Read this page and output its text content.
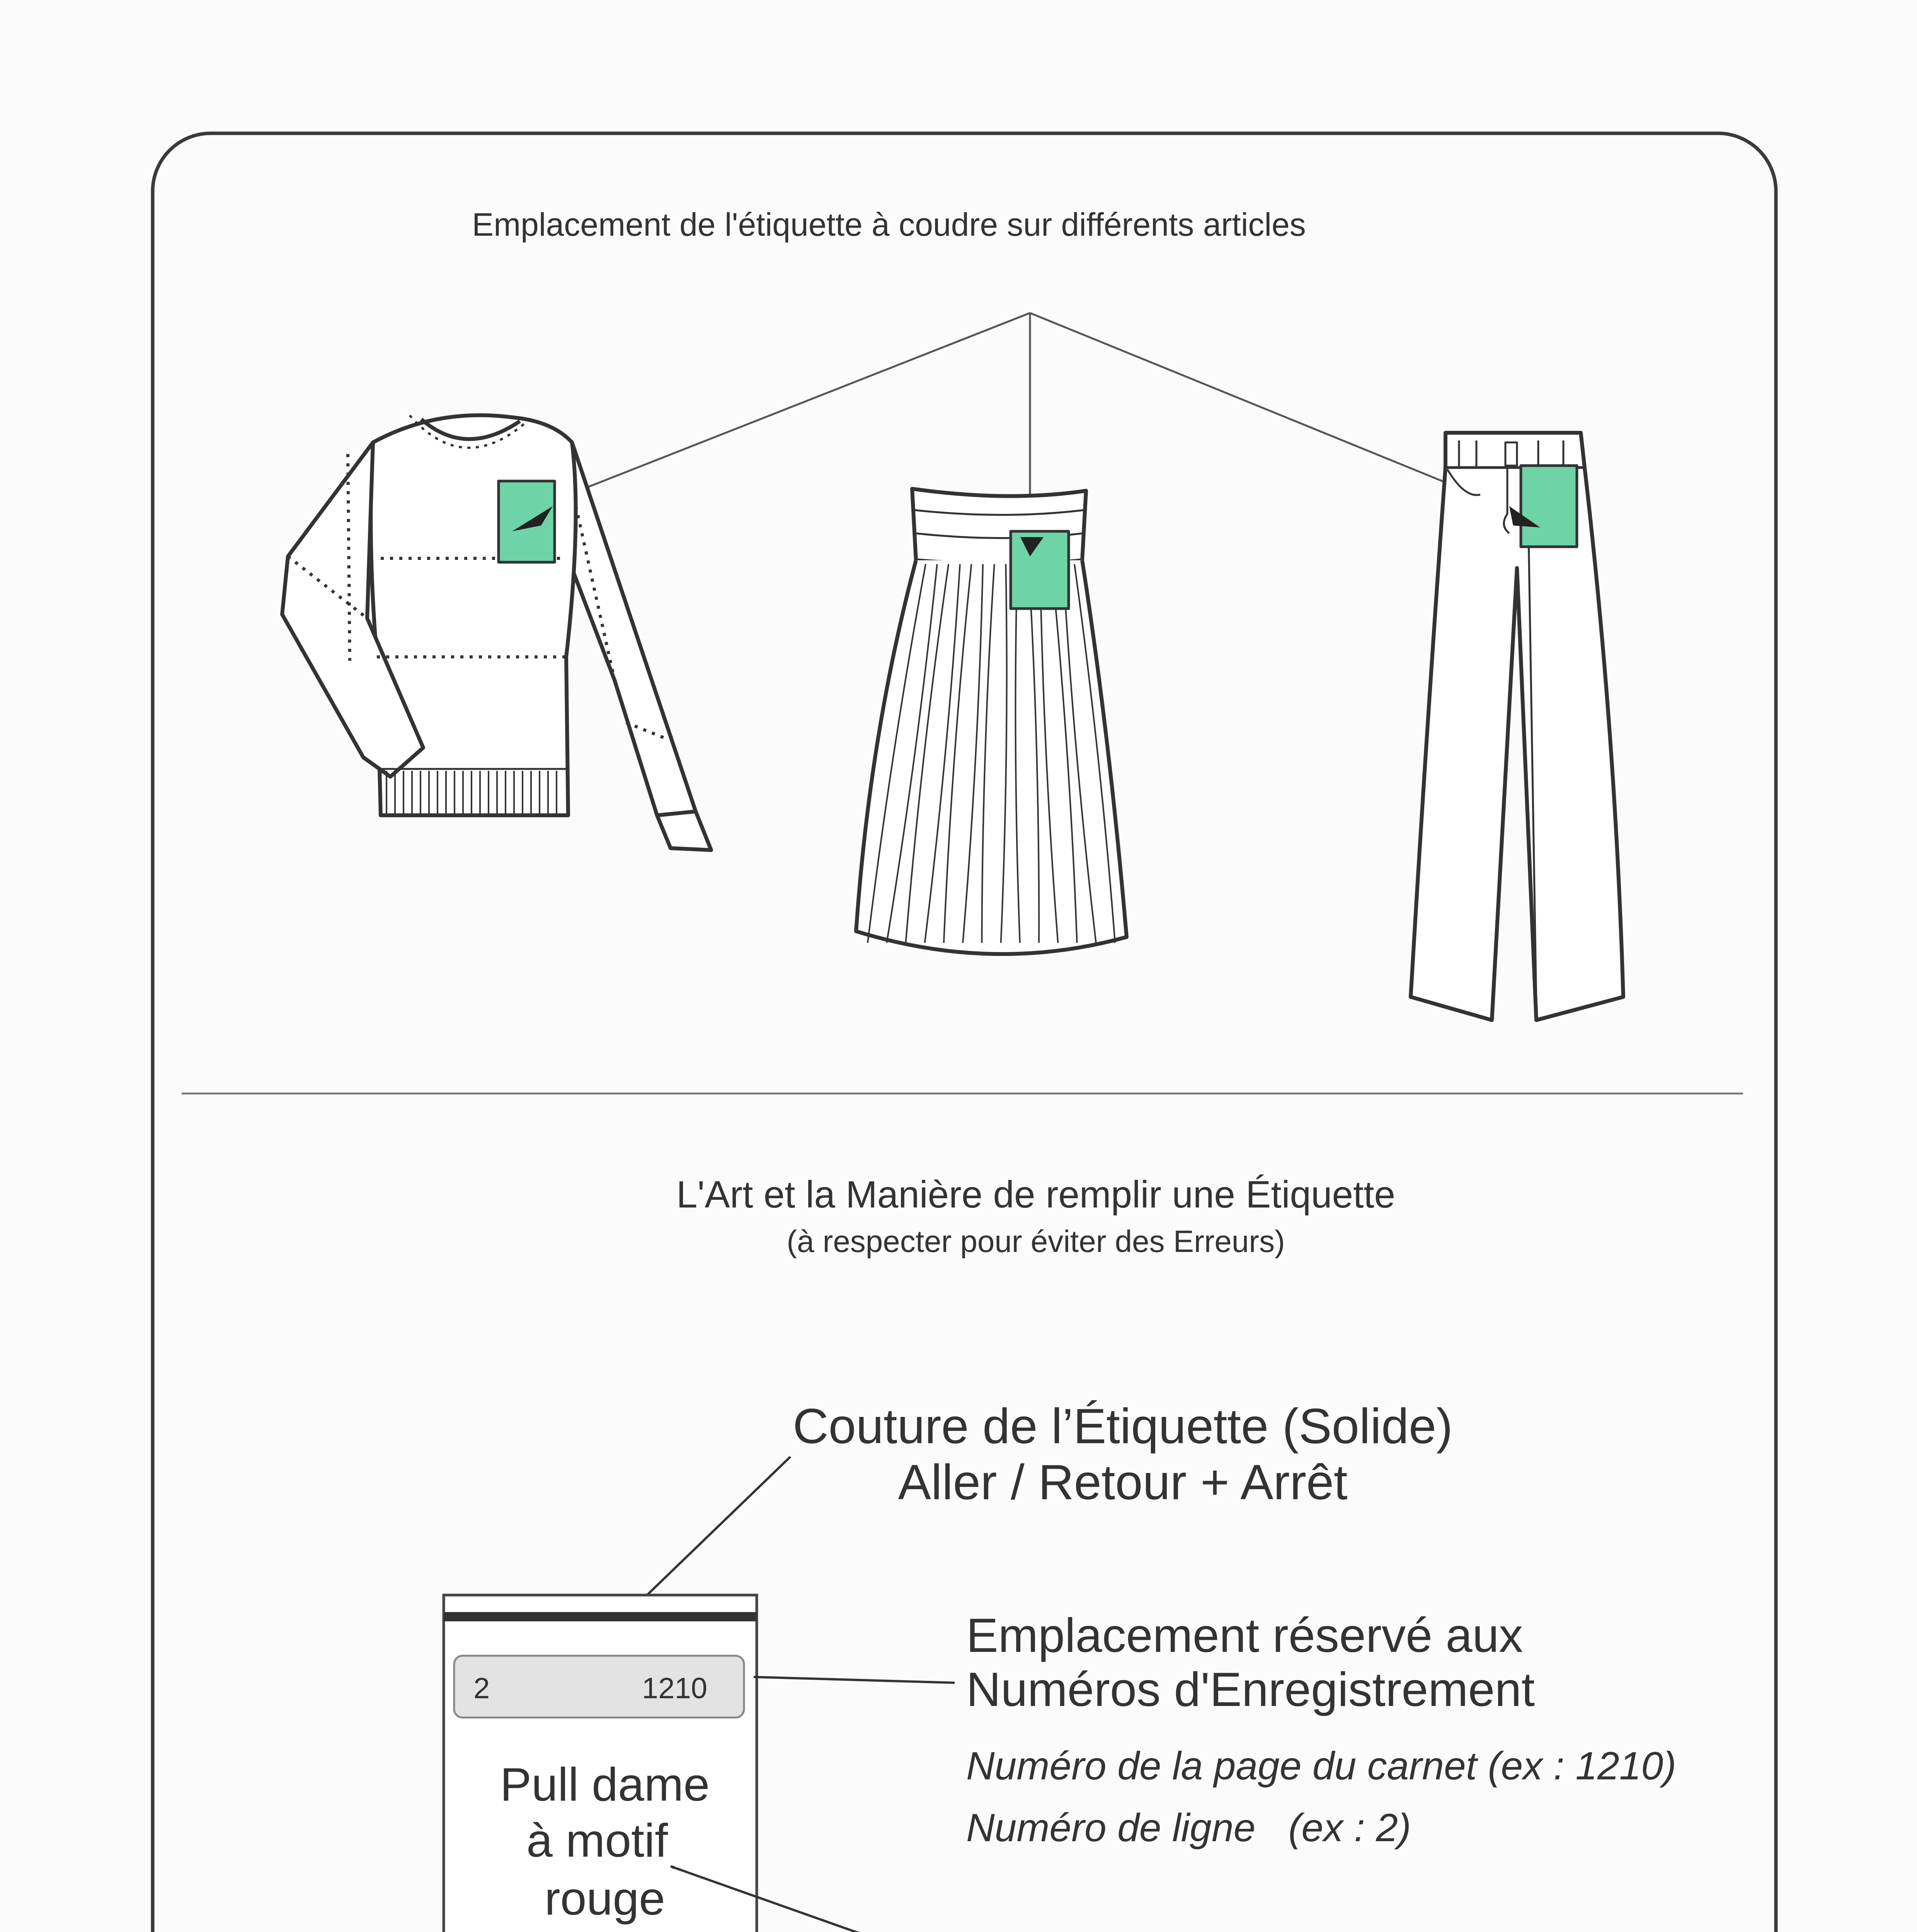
Emplacement de l'étiquette à coudre sur différents articles
L'Art et la Manière de remplir une Étiquette
(à respecter pour éviter des Erreurs)
Couture de l’Étiquette (Solide)
Aller / Retour + Arrêt
2	1210
Pull dame
à motif
rouge
Emplacement réservé aux
Numéros d'Enregistrement
Numéro de la page du carnet (ex : 1210)
Numéro de ligne   (ex : 2)
